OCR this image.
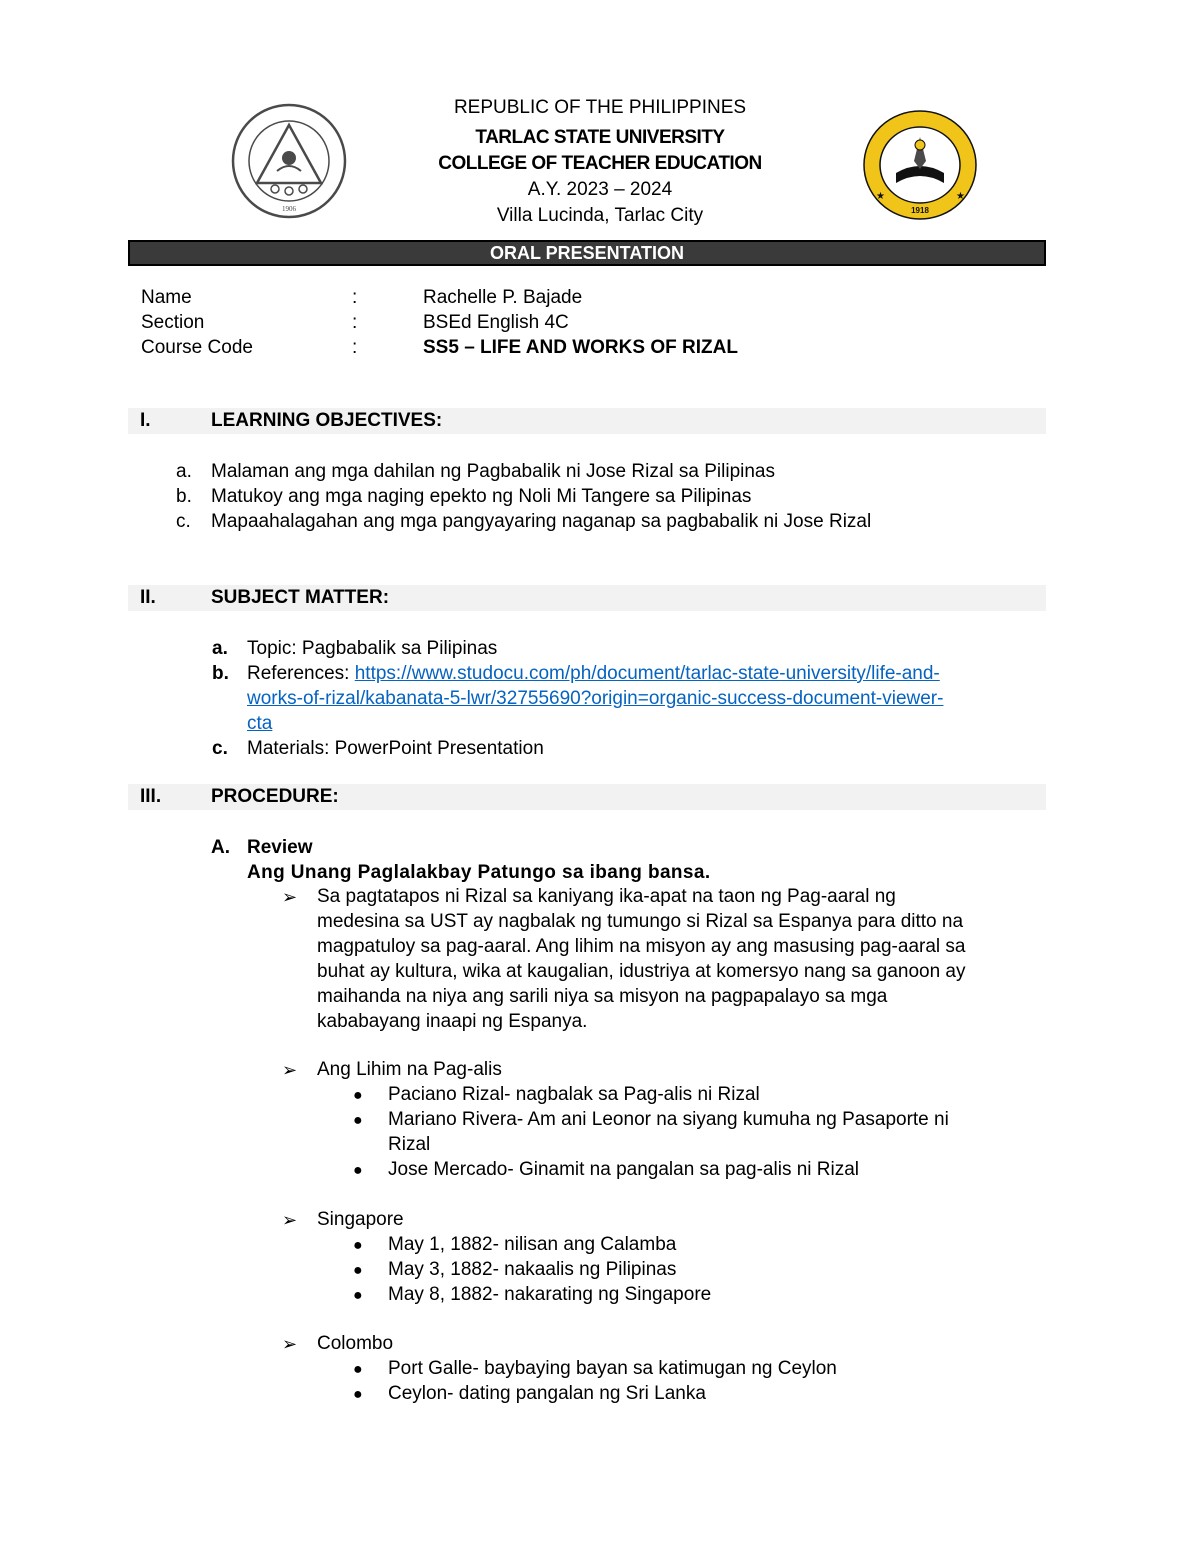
1906	1918
★	★
REPUBLIC OF THE PHILIPPINES
TARLAC STATE UNIVERSITY
COLLEGE OF TEACHER EDUCATION
A.Y. 2023 – 2024
Villa Lucinda, Tarlac City
ORAL PRESENTATION
Name	:	Rachelle P. Bajade
Section	:	BSEd English 4C
Course Code	:	SS5 – LIFE AND WORKS OF RIZAL
I.	LEARNING OBJECTIVES:
a. Malaman ang mga dahilan ng Pagbabalik ni Jose Rizal sa Pilipinas
b. Matukoy ang mga naging epekto ng Noli Mi Tangere sa Pilipinas
c. Mapaahalagahan ang mga pangyayaring naganap sa pagbabalik ni Jose Rizal
II.	SUBJECT MATTER:
a. Topic: Pagbabalik sa Pilipinas
b. References: https://www.studocu.com/ph/document/tarlac-state-university/life-and-
works-of-rizal/kabanata-5-lwr/32755690?origin=organic-success-document-viewer-
cta
c. Materials: PowerPoint Presentation
III.	PROCEDURE:
A. Review
Ang Unang Paglalakbay Patungo sa ibang bansa.
➢ Sa pagtatapos ni Rizal sa kaniyang ika-apat na taon ng Pag-aaral ng
medesina sa UST ay nagbalak ng tumungo si Rizal sa Espanya para ditto na
magpatuloy sa pag-aaral. Ang lihim na misyon ay ang masusing pag-aaral sa
buhat ay kultura, wika at kaugalian, idustriya at komersyo nang sa ganoon ay
maihanda na niya ang sarili niya sa misyon na pagpapalayo sa mga
kababayang inaapi ng Espanya.
➢ Ang Lihim na Pag-alis
● Paciano Rizal- nagbalak sa Pag-alis ni Rizal
● Mariano Rivera- Am ani Leonor na siyang kumuha ng Pasaporte ni
Rizal
● Jose Mercado- Ginamit na pangalan sa pag-alis ni Rizal
➢ Singapore
● May 1, 1882- nilisan ang Calamba
● May 3, 1882- nakaalis ng Pilipinas
● May 8, 1882- nakarating ng Singapore
➢ Colombo
● Port Galle- baybaying bayan sa katimugan ng Ceylon
● Ceylon- dating pangalan ng Sri Lanka
